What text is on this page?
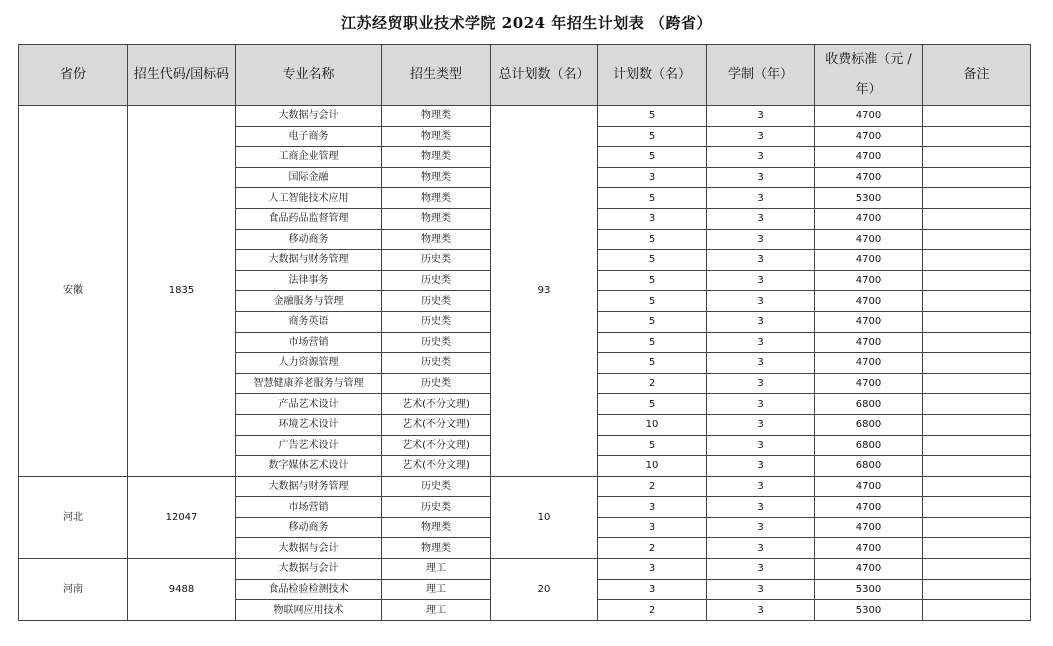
江苏经贸职业技术学院 2024 年招生计划表 （跨省）
省份	招生代码/国标码	专业名称	招生类型	总计划数（名）	计划数（名）	学制（年）	收费标准（元 / 年）	备注
安徽	1835	大数据与会计	物理类	93	5	3	4700	
		电子商务	物理类		5	3	4700	
		工商企业管理	物理类		5	3	4700	
		国际金融	物理类		3	3	4700	
		人工智能技术应用	物理类		5	3	5300	
		食品药品监督管理	物理类		3	3	4700	
		移动商务	物理类		5	3	4700	
		大数据与财务管理	历史类		5	3	4700	
		法律事务	历史类		5	3	4700	
		金融服务与管理	历史类		5	3	4700	
		商务英语	历史类		5	3	4700	
		市场营销	历史类		5	3	4700	
		人力资源管理	历史类		5	3	4700	
		智慧健康养老服务与管理	历史类		2	3	4700	
		产品艺术设计	艺术(不分文理)		5	3	6800	
		环境艺术设计	艺术(不分文理)		10	3	6800	
		广告艺术设计	艺术(不分文理)		5	3	6800	
		数字媒体艺术设计	艺术(不分文理)		10	3	6800	
河北	12047	大数据与财务管理	历史类	10	2	3	4700	
		市场营销	历史类		3	3	4700	
		移动商务	物理类		3	3	4700	
		大数据与会计	物理类		2	3	4700	
河南	9488	大数据与会计	理工	20	3	3	4700	
		食品检验检测技术	理工		3	3	5300	
		物联网应用技术	理工		2	3	5300	
